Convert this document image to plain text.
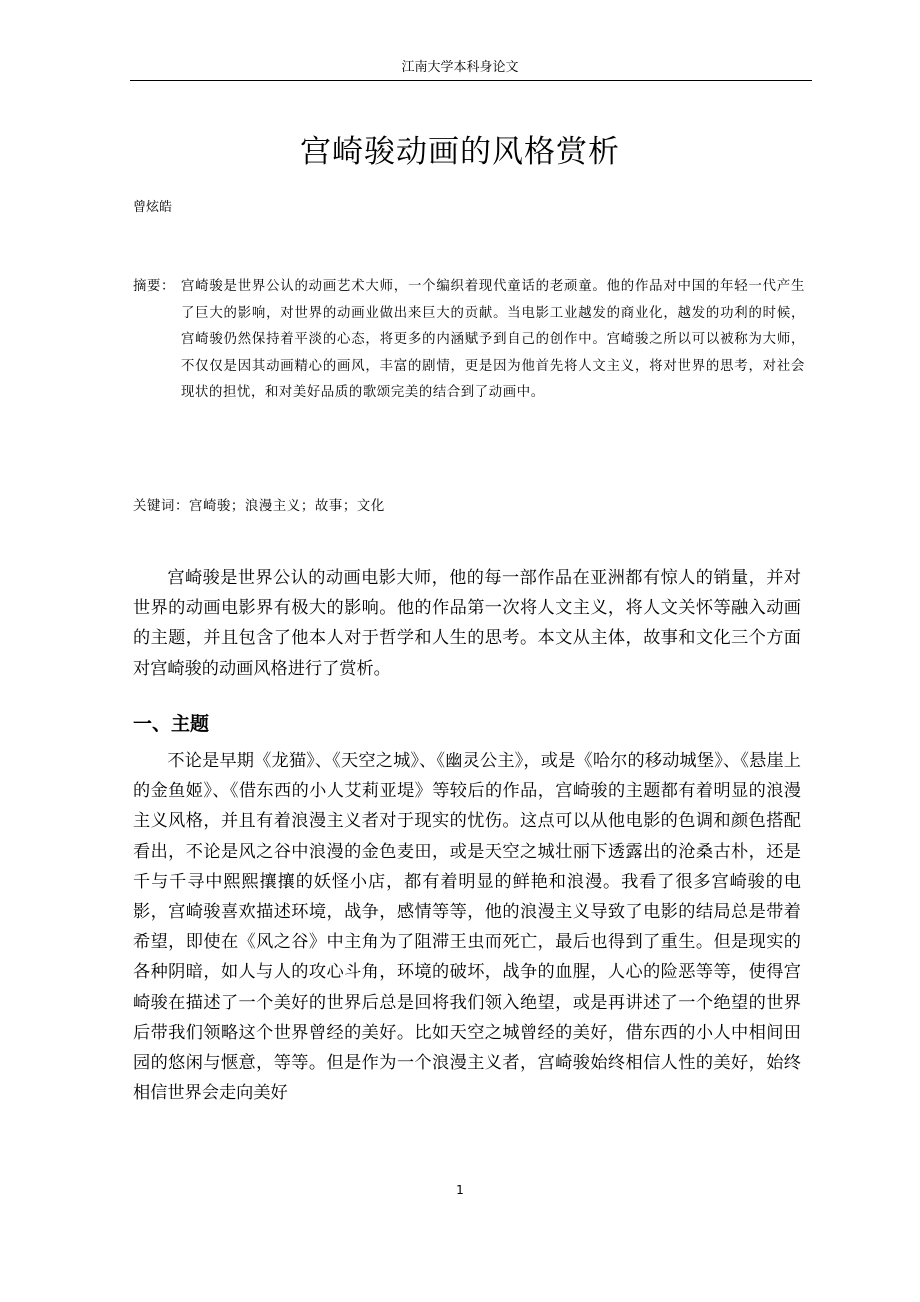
江南大学本科身论文
宫崎骏动画的风格赏析
曾炫皓
摘要： 宫崎骏是世界公认的动画艺术大师，一个编织着现代童话的老顽童。他的作品对中国的年轻一代产生了巨大的影响，对世界的动画业做出来巨大的贡献。当电影工业越发的商业化，越发的功利的时候，宫崎骏仍然保持着平淡的心态，将更多的内涵赋予到自己的创作中。宫崎骏之所以可以被称为大师，不仅仅是因其动画精心的画风，丰富的剧情，更是因为他首先将人文主义，将对世界的思考，对社会现状的担忧，和对美好品质的歌颂完美的结合到了动画中。
关键词：宫崎骏；浪漫主义；故事；文化

宫崎骏是世界公认的动画电影大师，他的每一部作品在亚洲都有惊人的销量，并对世界的动画电影界有极大的影响。他的作品第一次将人文主义，将人文关怀等融入动画的主题，并且包含了他本人对于哲学和人生的思考。本文从主体，故事和文化三个方面对宫崎骏的动画风格进行了赏析。

一、主题

不论是早期《龙猫》、《天空之城》、《幽灵公主》，或是《哈尔的移动城堡》、《悬崖上的金鱼姬》、《借东西的小人艾莉亚堤》等较后的作品，宫崎骏的主题都有着明显的浪漫主义风格，并且有着浪漫主义者对于现实的忧伤。这点可以从他电影的色调和颜色搭配看出，不论是风之谷中浪漫的金色麦田，或是天空之城壮丽下透露出的沧桑古朴，还是千与千寻中熙熙攘攘的妖怪小店，都有着明显的鲜艳和浪漫。我看了很多宫崎骏的电影，宫崎骏喜欢描述环境，战争，感情等等，他的浪漫主义导致了电影的结局总是带着希望，即使在《风之谷》中主角为了阻滞王虫而死亡，最后也得到了重生。但是现实的各种阴暗，如人与人的攻心斗角，环境的破坏，战争的血腥，人心的险恶等等，使得宫崎骏在描述了一个美好的世界后总是回将我们领入绝望，或是再讲述了一个绝望的世界后带我们领略这个世界曾经的美好。比如天空之城曾经的美好，借东西的小人中相间田园的悠闲与惬意，等等。但是作为一个浪漫主义者，宫崎骏始终相信人性的美好，始终相信世界会走向美好

1
